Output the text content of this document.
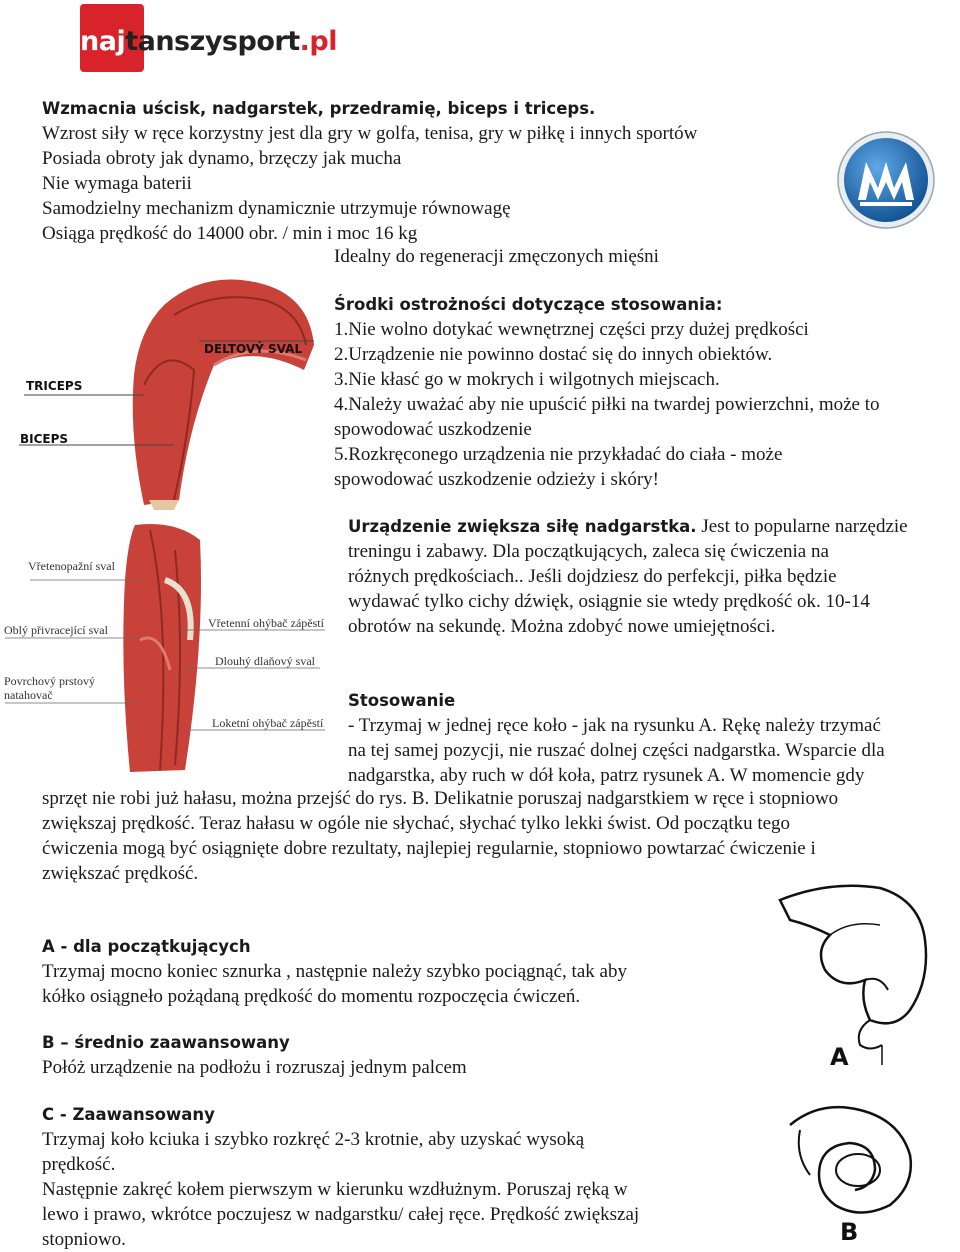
najtanszysport.pl
Wzmacnia uścisk, nadgarstek, przedramię, biceps i triceps.
Wzrost siły w ręce korzystny jest dla gry w golfa, tenisa, gry w piłkę i innych sportów
Posiada obroty jak dynamo, brzęczy jak mucha
Nie wymaga baterii
Samodzielny mechanizm dynamicznie utrzymuje równowagę
Osiąga prędkość do 14000 obr. / min i moc 16 kg
Idealny do regeneracji zmęczonych mięśni
DELTOVÝ SVAL
TRICEPS
BICEPS
Środki ostrożności dotyczące stosowania:
1.Nie wolno dotykać wewnętrznej części przy dużej prędkości
2.Urządzenie nie powinno dostać się do innych obiektów.
3.Nie kłasć go w mokrych i wilgotnych miejscach.
4.Należy uważać aby nie upuścić piłki na twardej powierzchni, może to
spowodować uszkodzenie
5.Rozkręconego urządzenia nie przykładać do ciała - może
spowodować uszkodzenie odzieży i skóry!
Vřetenopažní sval
Oblý přivracející sval
Povrchový prstový
natahovač
Vřetenní ohýbač zápěstí
Dlouhý dlaňový sval
Loketní ohýbač zápěstí
Urządzenie zwiększa siłę nadgarstka. Jest to popularne narzędzie
treningu i zabawy. Dla początkujących, zaleca się ćwiczenia na
różnych prędkościach.. Jeśli dojdziesz do perfekcji, piłka będzie
wydawać tylko cichy dźwięk, osiągnie sie wtedy prędkość ok. 10-14
obrotów na sekundę. Można zdobyć nowe umiejętności.
Stosowanie
- Trzymaj w jednej ręce koło - jak na rysunku A. Rękę należy trzymać
na tej samej pozycji, nie ruszać dolnej części nadgarstka. Wsparcie dla
nadgarstka, aby ruch w dół koła, patrz rysunek A. W momencie gdy
sprzęt nie robi już hałasu, można przejść do rys. B. Delikatnie poruszaj nadgarstkiem w ręce i stopniowo
zwiększaj prędkość. Teraz hałasu w ogóle nie słychać, słychać tylko lekki świst. Od początku tego
ćwiczenia mogą być osiągnięte dobre rezultaty, najlepiej regularnie, stopniowo powtarzać ćwiczenie i
zwiększać prędkość.
A - dla początkujących
Trzymaj mocno koniec sznurka , następnie należy szybko pociągnąć, tak aby
kółko osiągneło pożądaną prędkość do momentu rozpoczęcia ćwiczeń.
B – średnio zaawansowany
Połóż urządzenie na podłożu i rozruszaj jednym palcem
C - Zaawansowany
Trzymaj koło kciuka i szybko rozkręć 2-3 krotnie, aby uzyskać wysoką
prędkość.
Następnie zakręć kołem pierwszym w kierunku wzdłużnym. Poruszaj ręką w
lewo i prawo, wkrótce poczujesz w nadgarstku/ całej ręce. Prędkość zwiększaj
stopniowo.
A
B
